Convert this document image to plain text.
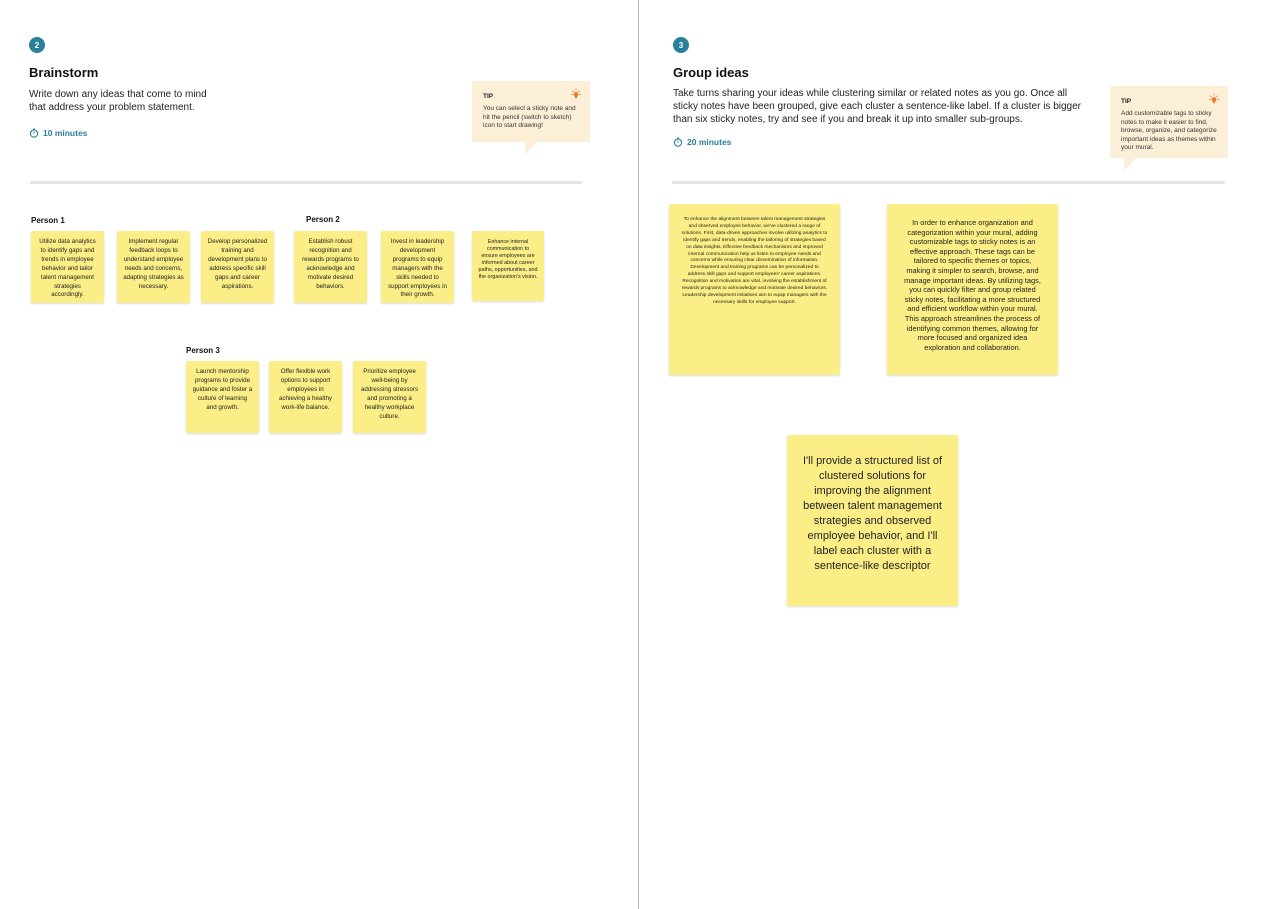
2
Brainstorm
Write down any ideas that come to mind that address your problem statement.
10 minutes
TIP
You can select a sticky note and hit the pencil (switch to sketch) icon to start drawing!
Person 1
Utilize data analytics to identify gaps and trends in employee behavior and tailor talent management strategies accordingly.
Implement regular feedback loops to understand employee needs and concerns, adapting strategies as necessary.
Develop personalized training and development plans to address specific skill gaps and career aspirations.
Person 2
Establish robust recognition and rewards programs to acknowledge and motivate desired behaviors.
Invest in leadership development programs to equip managers with the skills needed to support employees in their growth.
Enhance internal communication to ensure employees are informed about career paths, opportunities, and the organization's vision.
Person 3
Launch mentorship programs to provide guidance and foster a culture of learning and growth.
Offer flexible work options to support employees in achieving a healthy work-life balance.
Prioritize employee well-being by addressing stressors and promoting a healthy workplace culture.
3
Group ideas
Take turns sharing your ideas while clustering similar or related notes as you go. Once all sticky notes have been grouped, give each cluster a sentence-like label. If a cluster is bigger than six sticky notes, try and see if you and break it up into smaller sub-groups.
20 minutes
TIP
Add customizable tags to sticky notes to make it easier to find, browse, organize, and categorize important ideas as themes within your mural.
To enhance the alignment between talent management strategies and observed employee behavior, we've clustered a range of solutions. First, data-driven approaches involve utilizing analytics to identify gaps and trends, enabling the tailoring of strategies based on data insights. Effective feedback mechanisms and improved internal communication help us listen to employee needs and concerns while ensuring clear dissemination of information. Development and training programs can be personalized to address skill gaps and support employees' career aspirations. Recognition and motivation are vital, involving the establishment of rewards programs to acknowledge and motivate desired behaviors. Leadership development initiatives aim to equip managers with the necessary skills for employee support.
In order to enhance organization and categorization within your mural, adding customizable tags to sticky notes is an effective approach. These tags can be tailored to specific themes or topics, making it simpler to search, browse, and manage important ideas. By utilizing tags, you can quickly filter and group related sticky notes, facilitating a more structured and efficient workflow within your mural. This approach streamlines the process of identifying common themes, allowing for more focused and organized idea exploration and collaboration.
I'll provide a structured list of clustered solutions for improving the alignment between talent management strategies and observed employee behavior, and I'll label each cluster with a sentence-like descriptor
